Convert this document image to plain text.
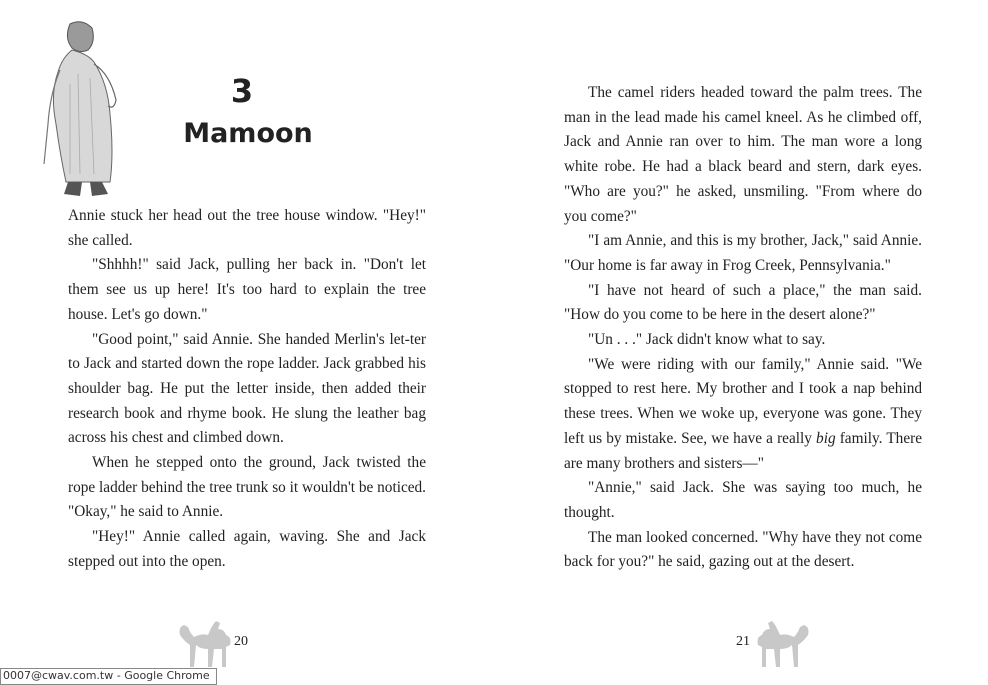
3
Mamoon

Annie stuck her head out the tree house window. "Hey!" she called.

"Shhhh!" said Jack, pulling her back in. "Don't let them see us up here! It's too hard to explain the tree house. Let's go down."

"Good point," said Annie. She handed Merlin's let-ter to Jack and started down the rope ladder. Jack grabbed his shoulder bag. He put the letter inside, then added their research book and rhyme book. He slung the leather bag across his chest and climbed down.

When he stepped onto the ground, Jack twisted the rope ladder behind the tree trunk so it wouldn't be noticed. "Okay," he said to Annie.

"Hey!" Annie called again, waving. She and Jack stepped out into the open.

20

The camel riders headed toward the palm trees. The man in the lead made his camel kneel. As he climbed off, Jack and Annie ran over to him. The man wore a long white robe. He had a black beard and stern, dark eyes. "Who are you?" he asked, unsmiling. "From where do you come?"

"I am Annie, and this is my brother, Jack," said Annie. "Our home is far away in Frog Creek, Pennsylvania."

"I have not heard of such a place," the man said. "How do you come to be here in the desert alone?"

"Un . . ." Jack didn't know what to say.

"We were riding with our family," Annie said. "We stopped to rest here. My brother and I took a nap behind these trees. When we woke up, everyone was gone. They left us by mistake. See, we have a really big family. There are many brothers and sisters—"

"Annie," said Jack. She was saying too much, he thought.

The man looked concerned. "Why have they not come back for you?" he said, gazing out at the desert.

21
0007@cwav.com.tw - Google Chrome
